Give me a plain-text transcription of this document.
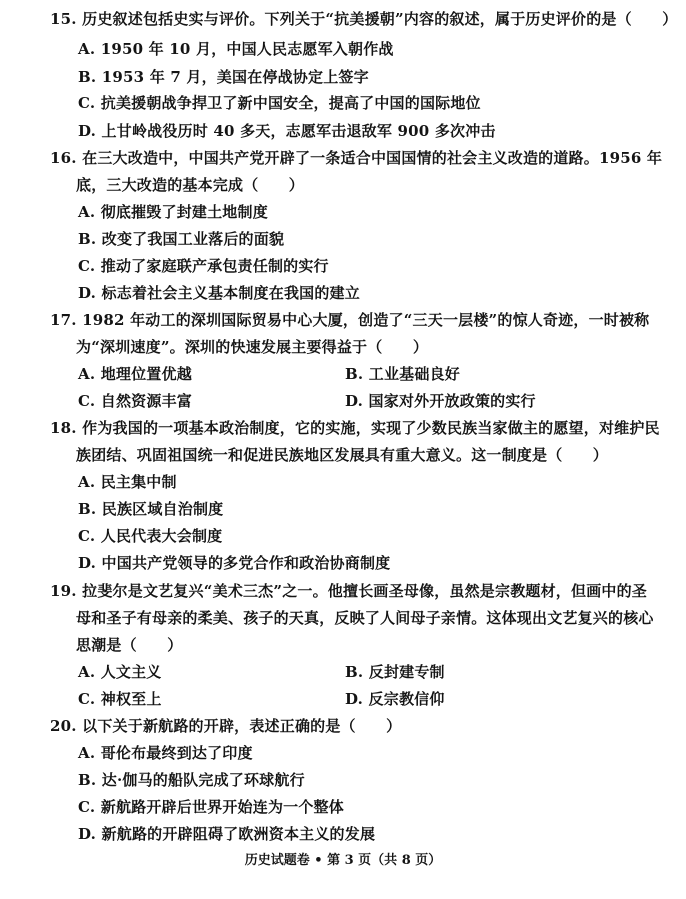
15. 历史叙述包括史实与评价。下列关于“抗美援朝”内容的叙述，属于历史评价的是（　　）
A. 1950 年 10 月，中国人民志愿军入朝作战
B. 1953 年 7 月，美国在停战协定上签字
C. 抗美援朝战争捍卫了新中国安全，提高了中国的国际地位
D. 上甘岭战役历时 40 多天，志愿军击退敌军 900 多次冲击
16. 在三大改造中，中国共产党开辟了一条适合中国国情的社会主义改造的道路。1956 年
底，三大改造的基本完成（　　）
A. 彻底摧毁了封建土地制度
B. 改变了我国工业落后的面貌
C. 推动了家庭联产承包责任制的实行
D. 标志着社会主义基本制度在我国的建立
17. 1982 年动工的深圳国际贸易中心大厦，创造了“三天一层楼”的惊人奇迹，一时被称
为“深圳速度”。深圳的快速发展主要得益于（　　）
A. 地理位置优越	B. 工业基础良好
C. 自然资源丰富	D. 国家对外开放政策的实行
18. 作为我国的一项基本政治制度，它的实施，实现了少数民族当家做主的愿望，对维护民
族团结、巩固祖国统一和促进民族地区发展具有重大意义。这一制度是（　　）
A. 民主集中制
B. 民族区域自治制度
C. 人民代表大会制度
D. 中国共产党领导的多党合作和政治协商制度
19. 拉斐尔是文艺复兴“美术三杰”之一。他擅长画圣母像，虽然是宗教题材，但画中的圣
母和圣子有母亲的柔美、孩子的天真，反映了人间母子亲情。这体现出文艺复兴的核心
思潮是（　　）
A. 人文主义	B. 反封建专制
C. 神权至上	D. 反宗教信仰
20. 以下关于新航路的开辟，表述正确的是（　　）
A. 哥伦布最终到达了印度
B. 达·伽马的船队完成了环球航行
C. 新航路开辟后世界开始连为一个整体
D. 新航路的开辟阻碍了欧洲资本主义的发展
历史试题卷 • 第 3 页（共 8 页）
